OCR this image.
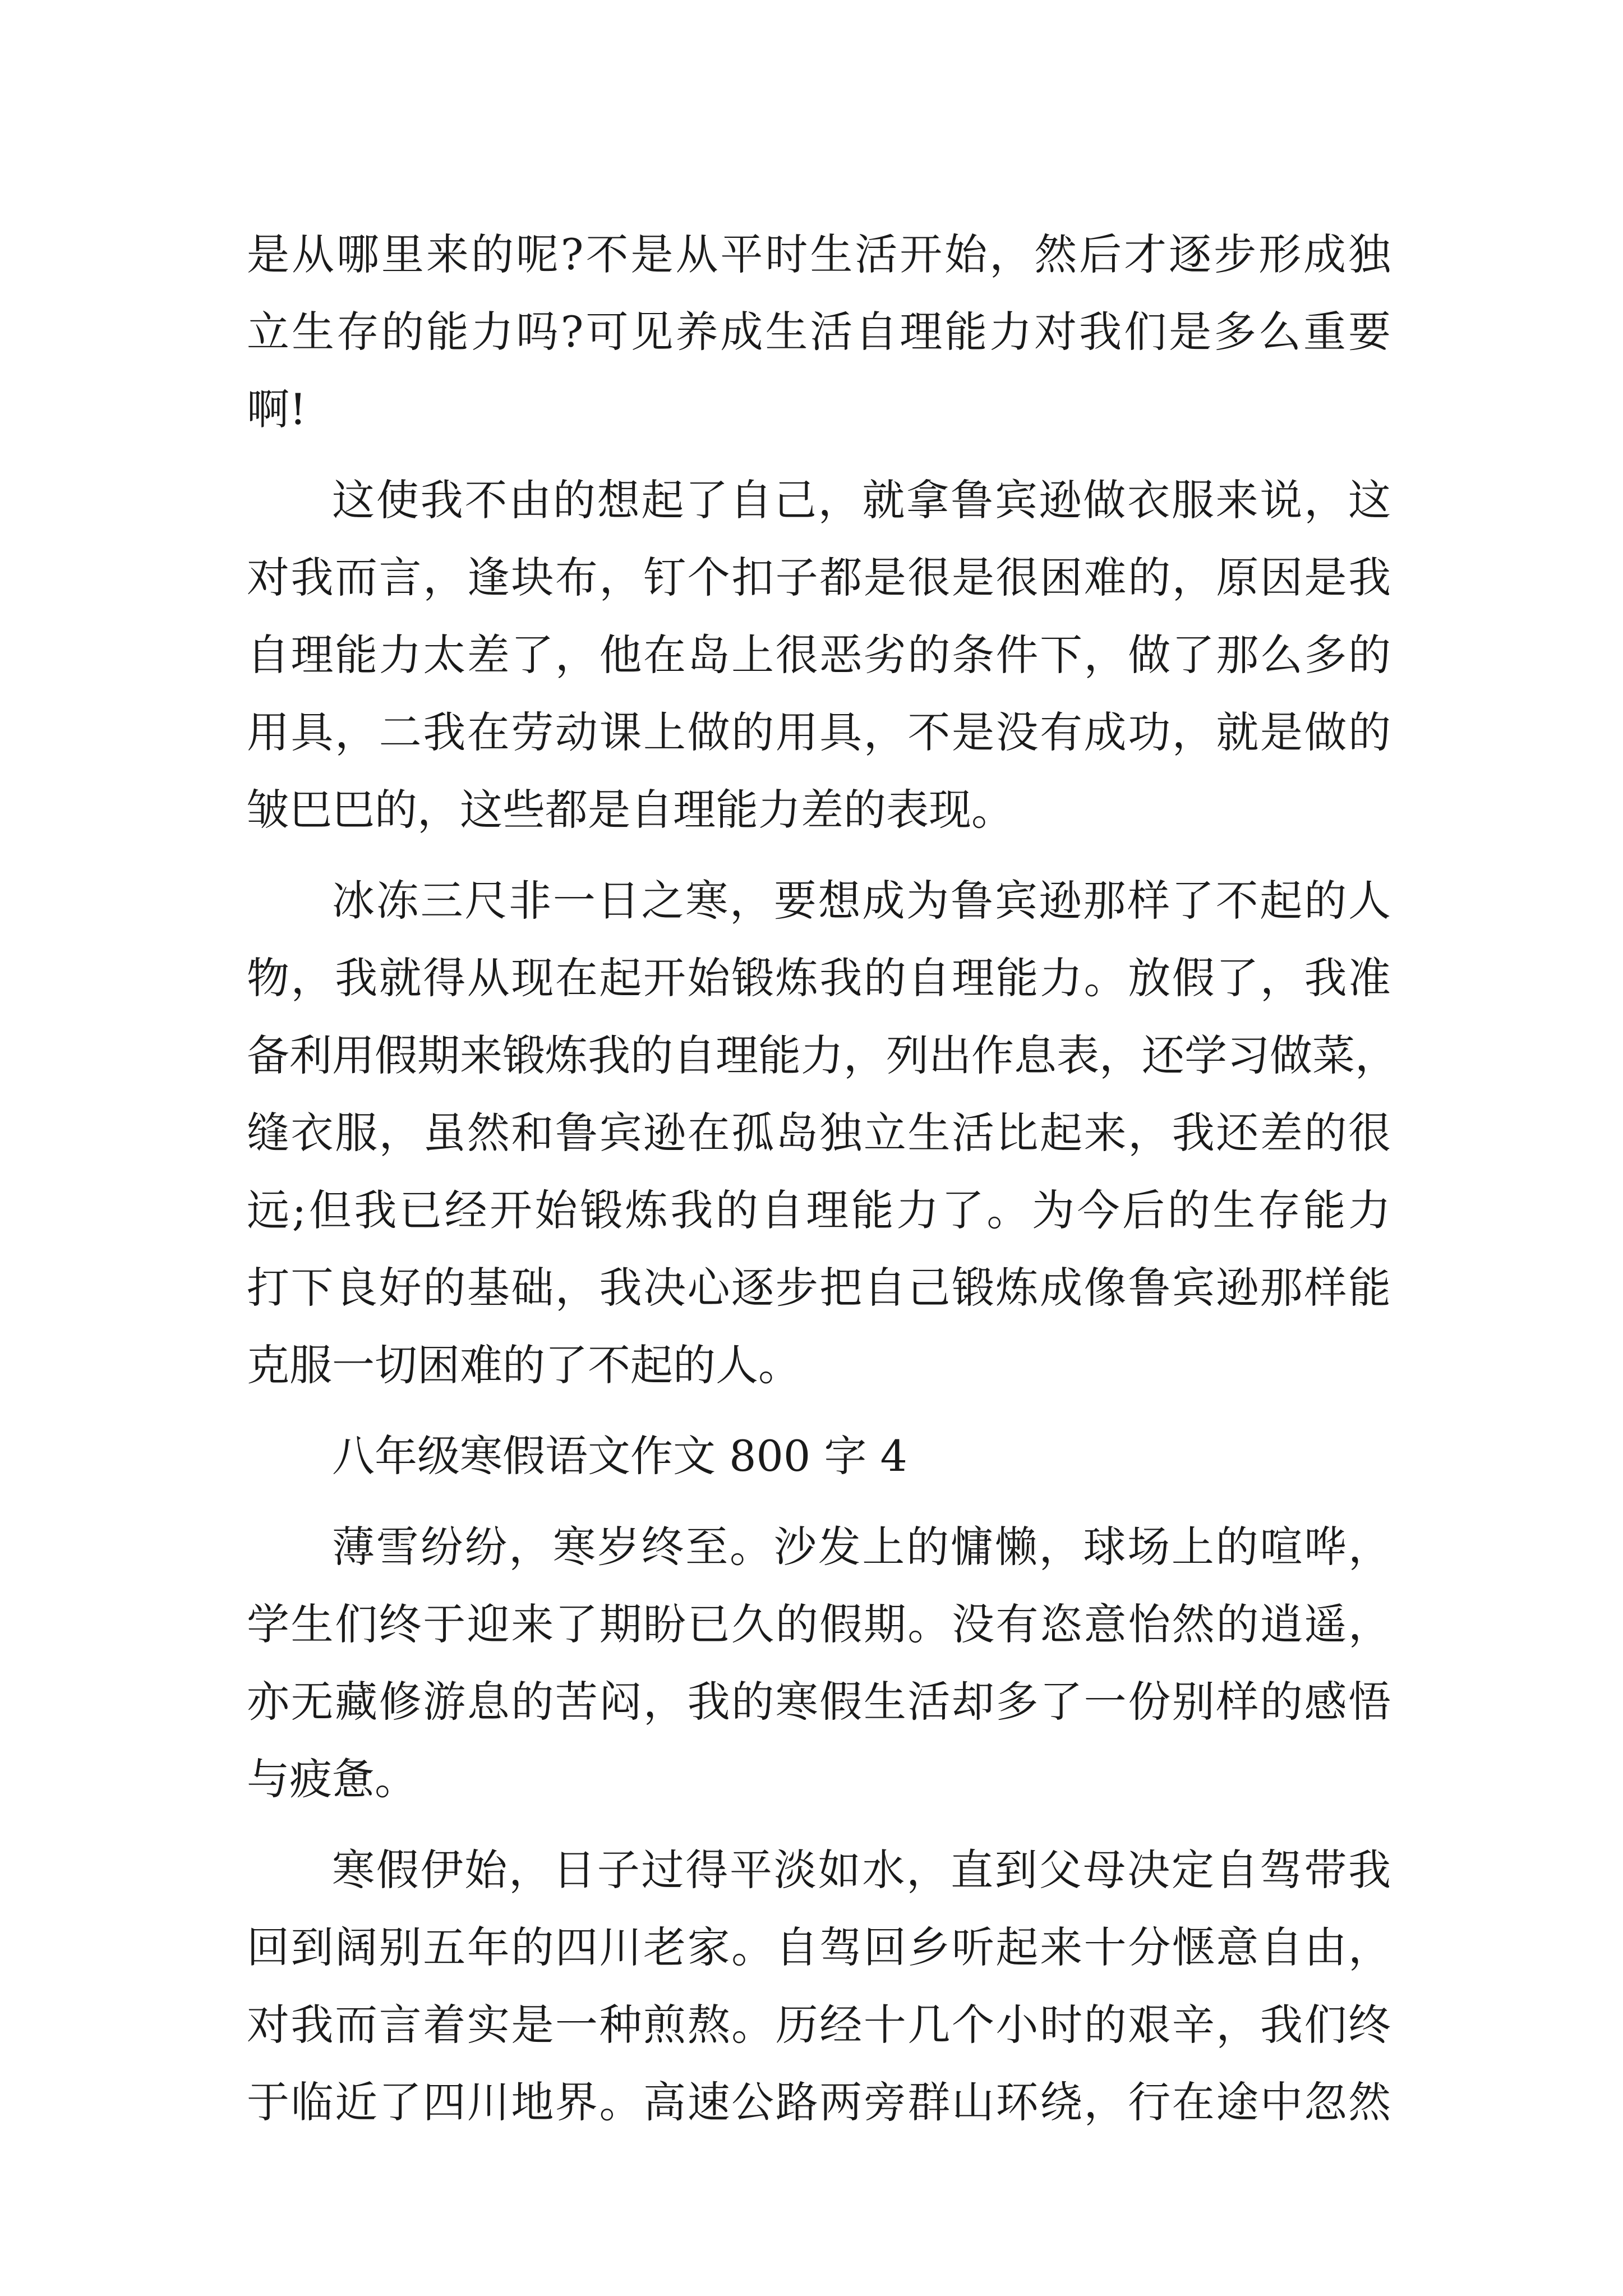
是从哪里来的呢?不是从平时生活开始，然后才逐步形成独
立生存的能力吗?可见养成生活自理能力对我们是多么重要
啊!
这使我不由的想起了自己，就拿鲁宾逊做衣服来说，这
对我而言，逢块布，钉个扣子都是很是很困难的，原因是我
自理能力太差了，他在岛上很恶劣的条件下，做了那么多的
用具，二我在劳动课上做的用具，不是没有成功，就是做的
皱巴巴的，这些都是自理能力差的表现。
冰冻三尺非一日之寒，要想成为鲁宾逊那样了不起的人
物，我就得从现在起开始锻炼我的自理能力。放假了，我准
备利用假期来锻炼我的自理能力，列出作息表，还学习做菜，
缝衣服，虽然和鲁宾逊在孤岛独立生活比起来，我还差的很
远;但我已经开始锻炼我的自理能力了。为今后的生存能力
打下良好的基础，我决心逐步把自己锻炼成像鲁宾逊那样能
克服一切困难的了不起的人。
八年级寒假语文作文 800 字 4
薄雪纷纷，寒岁终至。沙发上的慵懒，球场上的喧哗，
学生们终于迎来了期盼已久的假期。没有恣意怡然的逍遥，
亦无藏修游息的苦闷，我的寒假生活却多了一份别样的感悟
与疲惫。
寒假伊始，日子过得平淡如水，直到父母决定自驾带我
回到阔别五年的四川老家。自驾回乡听起来十分惬意自由，
对我而言着实是一种煎熬。历经十几个小时的艰辛，我们终
于临近了四川地界。高速公路两旁群山环绕，行在途中忽然
